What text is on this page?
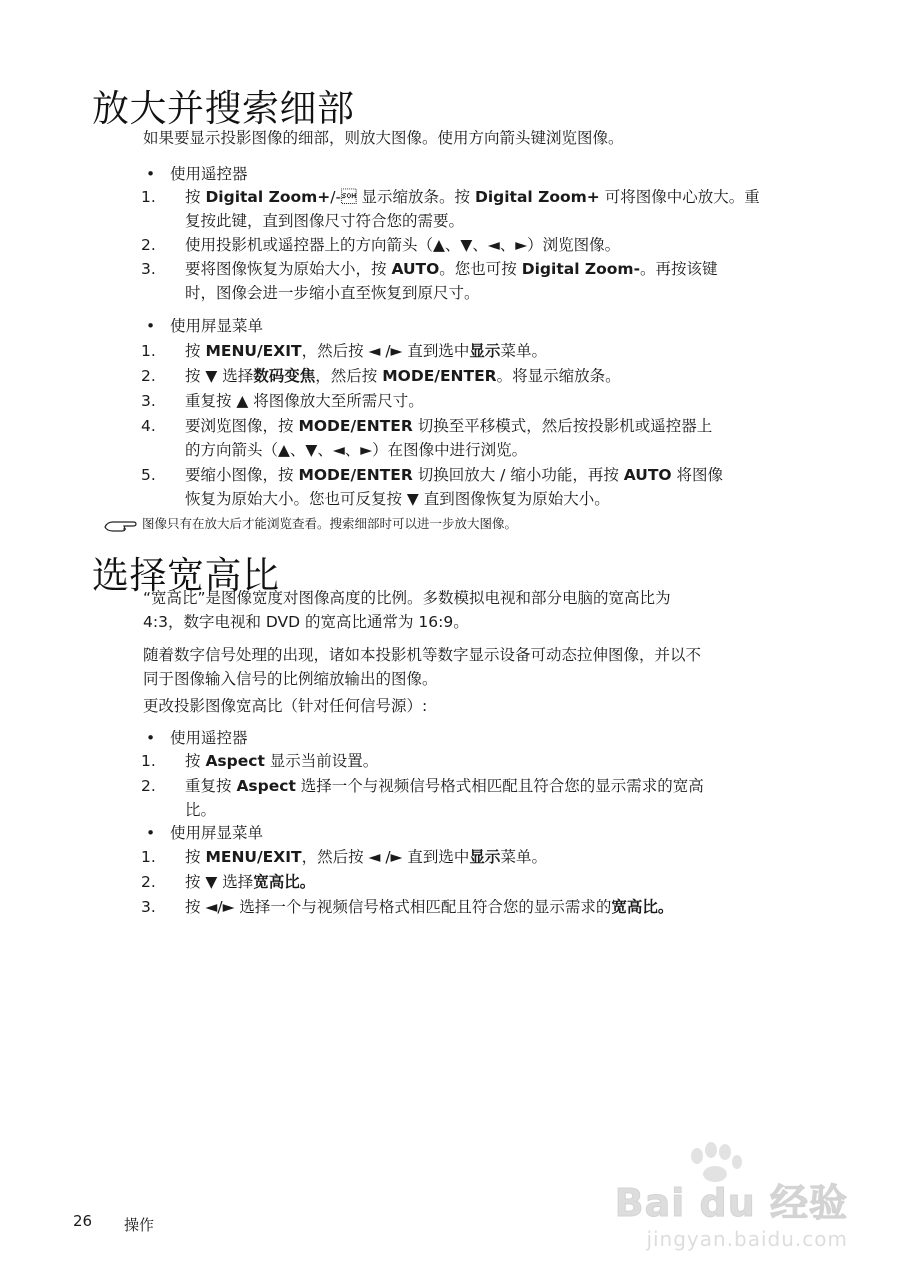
放大并搜索细部
如果要显示投影图像的细部，则放大图像。使用方向箭头键浏览图像。
• 使用遥控器
1.	按 Digital Zoom+/- 显示缩放条。按 Digital Zoom+ 可将图像中心放大。重
复按此键，直到图像尺寸符合您的需要。
2.	使用投影机或遥控器上的方向箭头（▲、▼、◄、►）浏览图像。
3.	要将图像恢复为原始大小，按 AUTO。您也可按 Digital Zoom-。再按该键
时，图像会进一步缩小直至恢复到原尺寸。
• 使用屏显菜单
1.	按 MENU/EXIT，然后按 ◄ /► 直到选中显示菜单。
2.	按 ▼ 选择数码变焦，然后按 MODE/ENTER。将显示缩放条。
3.	重复按 ▲ 将图像放大至所需尺寸。
4.	要浏览图像，按 MODE/ENTER 切换至平移模式，然后按投影机或遥控器上
的方向箭头（▲、▼、◄、►）在图像中进行浏览。
5.	要缩小图像，按 MODE/ENTER 切换回放大 / 缩小功能，再按 AUTO 将图像
恢复为原始大小。您也可反复按 ▼ 直到图像恢复为原始大小。
图像只有在放大后才能浏览查看。搜索细部时可以进一步放大图像。
选择宽高比
“宽高比”是图像宽度对图像高度的比例。多数模拟电视和部分电脑的宽高比为
4:3，数字电视和 DVD 的宽高比通常为 16:9。
随着数字信号处理的出现，诸如本投影机等数字显示设备可动态拉伸图像，并以不
同于图像输入信号的比例缩放输出的图像。
更改投影图像宽高比（针对任何信号源）:
• 使用遥控器
1.	按 Aspect 显示当前设置。
2.	重复按 Aspect 选择一个与视频信号格式相匹配且符合您的显示需求的宽高
比。
• 使用屏显菜单
1.	按 MENU/EXIT，然后按 ◄ /► 直到选中显示菜单。
2.	按 ▼ 选择宽高比。
3.	按 ◄/► 选择一个与视频信号格式相匹配且符合您的显示需求的宽高比。
26 操作	Bai du 经验
jingyan.baidu.com
